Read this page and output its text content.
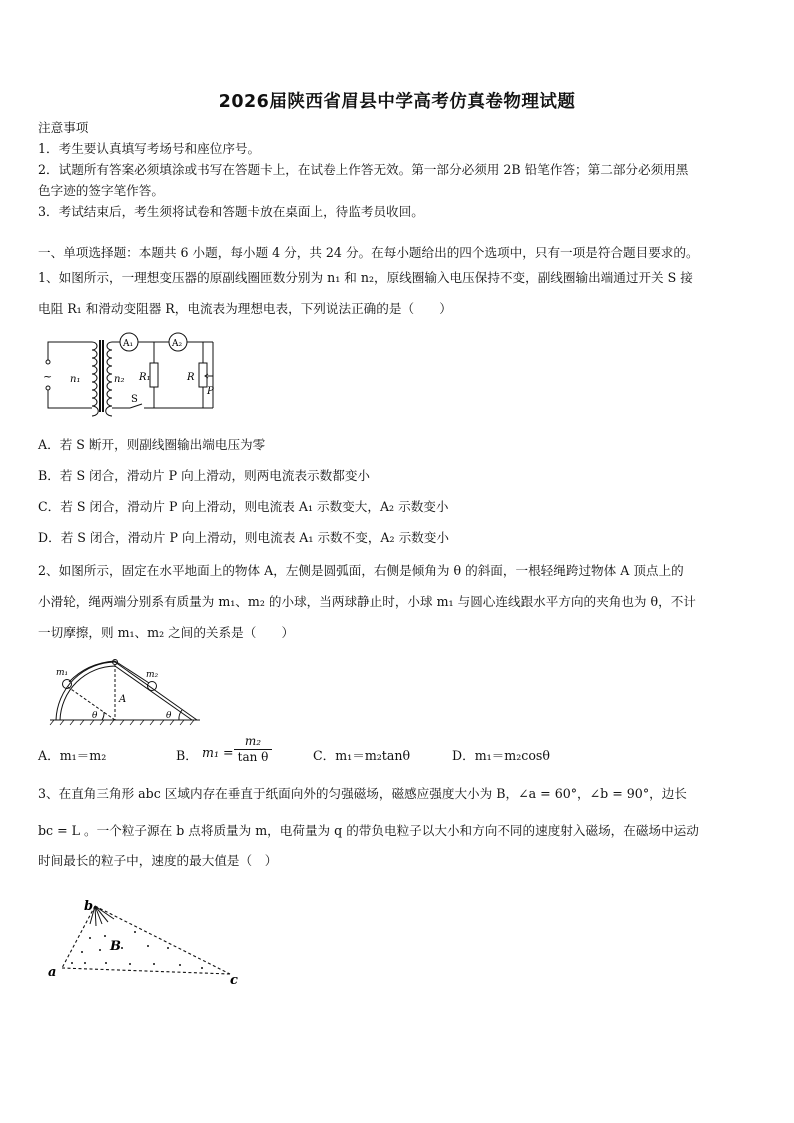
2026届陕西省眉县中学高考仿真卷物理试题
注意事项
1．考生要认真填写考场号和座位序号。
2．试题所有答案必须填涂或书写在答题卡上，在试卷上作答无效。第一部分必须用 2B 铅笔作答；第二部分必须用黑
色字迹的签字笔作答。
3．考试结束后，考生须将试卷和答题卡放在桌面上，待监考员收回。
一、单项选择题：本题共 6 小题，每小题 4 分，共 24 分。在每小题给出的四个选项中，只有一项是符合题目要求的。
1、如图所示，一理想变压器的原副线圈匝数分别为 n₁ 和 n₂，原线圈输入电压保持不变，副线圈输出端通过开关 S 接
电阻 R₁ 和滑动变阻器 R，电流表为理想电表，下列说法正确的是（　　）
~ n₁	n₂
A₁	A₂
R₁	R
P
S
A．若 S 断开，则副线圈输出端电压为零
B．若 S 闭合，滑动片 P 向上滑动，则两电流表示数都变小
C．若 S 闭合，滑动片 P 向上滑动，则电流表 A₁ 示数变大，A₂ 示数变小
D．若 S 闭合，滑动片 P 向上滑动，则电流表 A₁ 示数不变，A₂ 示数变小
2、如图所示，固定在水平地面上的物体 A，左侧是圆弧面，右侧是倾角为 θ 的斜面，一根轻绳跨过物体 A 顶点上的
小滑轮，绳两端分别系有质量为 m₁、m₂ 的小球，当两球静止时，小球 m₁ 与圆心连线跟水平方向的夹角也为 θ，不计
一切摩擦，则 m₁、m₂ 之间的关系是（　　）
m₁	m₂
A
θ	θ
A．m₁＝m₂	B． $m_1 = \frac{\text{m₂}}{\text{tan θ}}$	C．m₁＝m₂tanθ	D．m₁＝m₂cosθ
3、在直角三角形 abc 区域内存在垂直于纸面向外的匀强磁场，磁感应强度大小为 B，∠a = 60°，∠b = 90°，边长
bc = L 。一个粒子源在 b 点将质量为 m，电荷量为 q 的带负电粒子以大小和方向不同的速度射入磁场，在磁场中运动
时间最长的粒子中，速度的最大值是（　）
b
a
c
B
